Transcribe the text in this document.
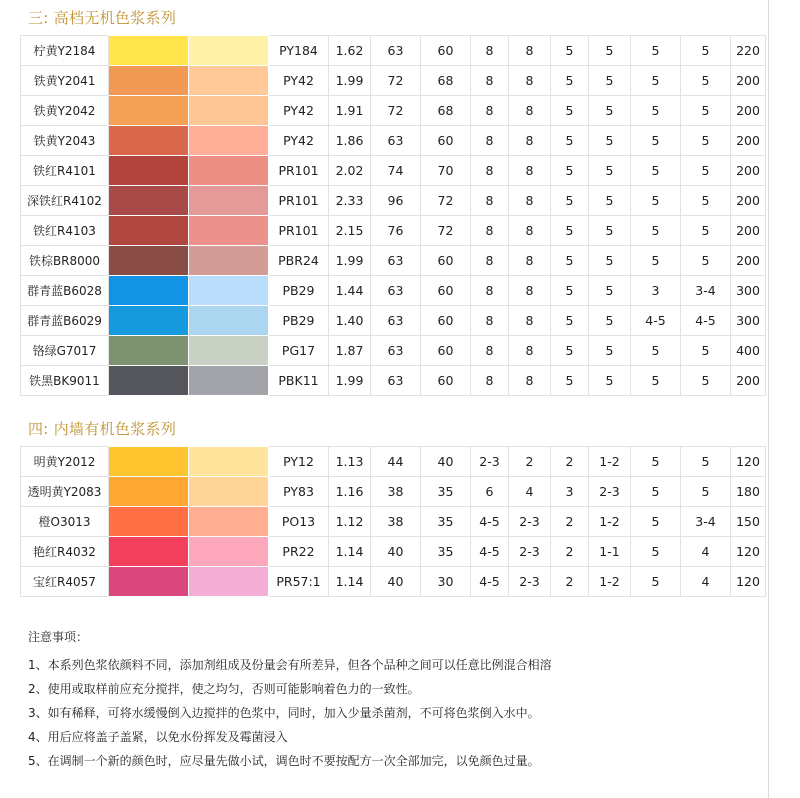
三: 高档无机色浆系列
柠黄Y2184			PY184	1.62	63	60	8	8	5	5	5	5	220
铁黄Y2041			PY42	1.99	72	68	8	8	5	5	5	5	200
铁黄Y2042			PY42	1.91	72	68	8	8	5	5	5	5	200
铁黄Y2043			PY42	1.86	63	60	8	8	5	5	5	5	200
铁红R4101			PR101	2.02	74	70	8	8	5	5	5	5	200
深铁红R4102			PR101	2.33	96	72	8	8	5	5	5	5	200
铁红R4103			PR101	2.15	76	72	8	8	5	5	5	5	200
铁棕BR8000			PBR24	1.99	63	60	8	8	5	5	5	5	200
群青蓝B6028			PB29	1.44	63	60	8	8	5	5	3	3-4	300
群青蓝B6029			PB29	1.40	63	60	8	8	5	5	4-5	4-5	300
铬绿G7017			PG17	1.87	63	60	8	8	5	5	5	5	400
铁黑BK9011			PBK11	1.99	63	60	8	8	5	5	5	5	200
四: 内墙有机色浆系列
明黄Y2012			PY12	1.13	44	40	2-3	2	2	1-2	5	5	120
透明黄Y2083			PY83	1.16	38	35	6	4	3	2-3	5	5	180
橙O3013			PO13	1.12	38	35	4-5	2-3	2	1-2	5	3-4	150
艳红R4032			PR22	1.14	40	35	4-5	2-3	2	1-1	5	4	120
宝红R4057			PR57:1	1.14	40	30	4-5	2-3	2	1-2	5	4	120
注意事项：
1、本系列色浆依颜料不同，添加剂组成及份量会有所差异，但各个品种之间可以任意比例混合相溶
2、使用或取样前应充分搅拌，使之均匀，否则可能影响着色力的一致性。
3、如有稀释，可将水缓慢倒入边搅拌的色浆中，同时，加入少量杀菌剂，不可将色浆倒入水中。
4、用后应将盖子盖紧，以免水份挥发及霉菌浸入
5、在调制一个新的颜色时，应尽量先做小试，调色时不要按配方一次全部加完，以免颜色过量。
